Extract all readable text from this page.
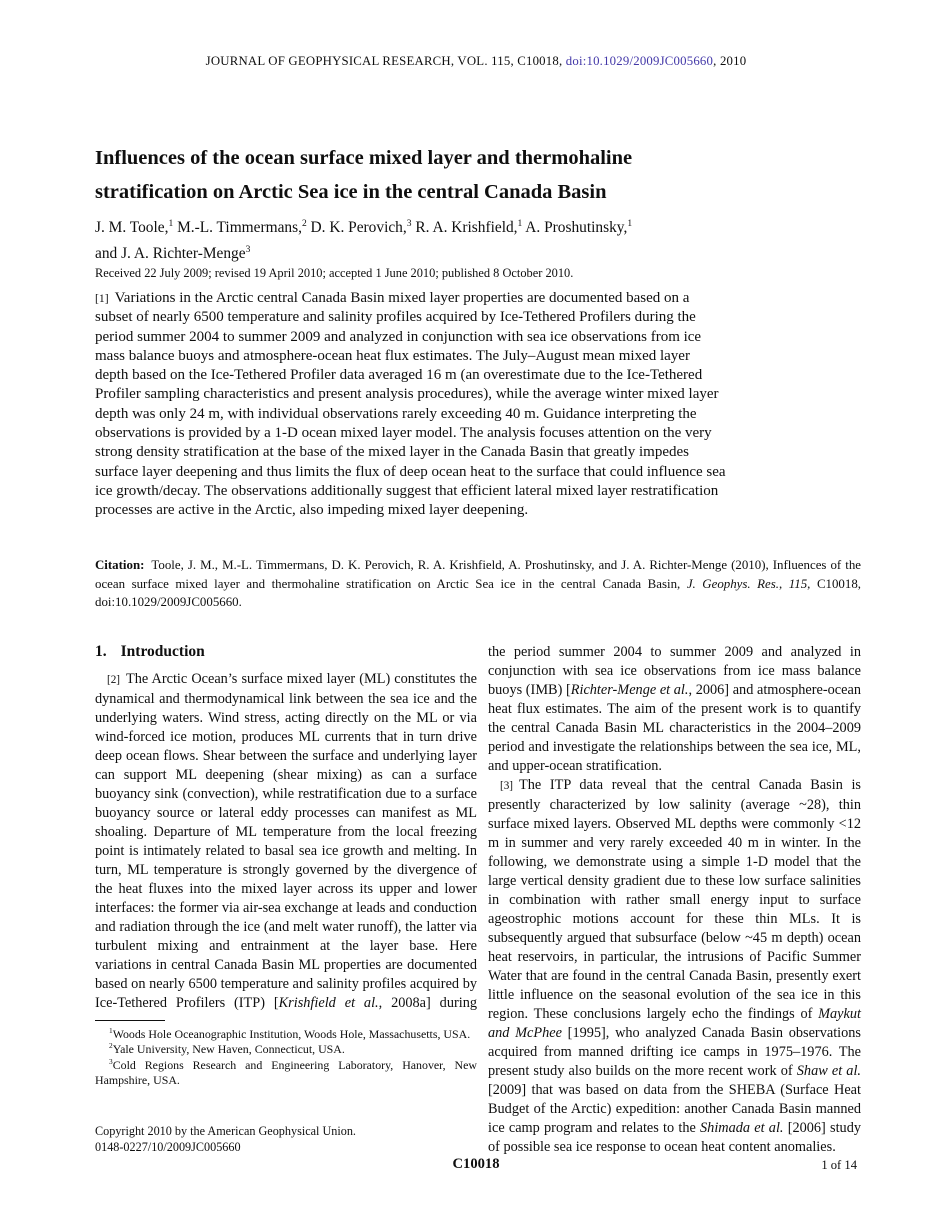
JOURNAL OF GEOPHYSICAL RESEARCH, VOL. 115, C10018, doi:10.1029/2009JC005660, 2010
Influences of the ocean surface mixed layer and thermohaline
stratification on Arctic Sea ice in the central Canada Basin
J. M. Toole,$^1$ M.-L. Timmermans,$^2$ D. K. Perovich,$^3$ R. A. Krishfield,$^1$ A. Proshutinsky,$^1$
and J. A. Richter-Menge$^3$
Received 22 July 2009; revised 19 April 2010; accepted 1 June 2010; published 8 October 2010.
[1] Variations in the Arctic central Canada Basin mixed layer properties are documented based on a subset of nearly 6500 temperature and salinity profiles acquired by Ice-Tethered Profilers during the period summer 2004 to summer 2009 and analyzed in conjunction with sea ice observations from ice mass balance buoys and atmosphere-ocean heat flux estimates. The July–August mean mixed layer depth based on the Ice-Tethered Profiler data averaged 16 m (an overestimate due to the Ice-Tethered Profiler sampling characteristics and present analysis procedures), while the average winter mixed layer depth was only 24 m, with individual observations rarely exceeding 40 m. Guidance interpreting the observations is provided by a 1-D ocean mixed layer model. The analysis focuses attention on the very strong density stratification at the base of the mixed layer in the Canada Basin that greatly impedes surface layer deepening and thus limits the flux of deep ocean heat to the surface that could influence sea ice growth/decay. The observations additionally suggest that efficient lateral mixed layer restratification processes are active in the Arctic, also impeding mixed layer deepening.
Citation: Toole, J. M., M.-L. Timmermans, D. K. Perovich, R. A. Krishfield, A. Proshutinsky, and J. A. Richter-Menge (2010), Influences of the ocean surface mixed layer and thermohaline stratification on Arctic Sea ice in the central Canada Basin, J. Geophys. Res., 115, C10018, doi:10.1029/2009JC005660.

1. Introduction

[2] The Arctic Ocean’s surface mixed layer (ML) constitutes the dynamical and thermodynamical link between the sea ice and the underlying waters. Wind stress, acting directly on the ML or via wind-forced ice motion, produces ML currents that in turn drive deep ocean flows. Shear between the surface and underlying layer can support ML deepening (shear mixing) as can a surface buoyancy sink (convection), while restratification due to a surface buoyancy source or lateral eddy processes can manifest as ML shoaling. Departure of ML temperature from the local freezing point is intimately related to basal sea ice growth and melting. In turn, ML temperature is strongly governed by the divergence of the heat fluxes into the mixed layer across its upper and lower interfaces: the former via air-sea exchange at leads and conduction and radiation through the ice (and melt water runoff), the latter via turbulent mixing and entrainment at the layer base. Here variations in central Canada Basin ML properties are documented based on nearly 6500 temperature and salinity profiles acquired by Ice-Tethered Profilers (ITP) [Krishfield et al., 2008a] during

the period summer 2004 to summer 2009 and analyzed in conjunction with sea ice observations from ice mass balance buoys (IMB) [Richter-Menge et al., 2006] and atmosphere-ocean heat flux estimates. The aim of the present work is to quantify the central Canada Basin ML characteristics in the 2004–2009 period and investigate the relationships between the sea ice, ML, and upper-ocean stratification.

[3] The ITP data reveal that the central Canada Basin is presently characterized by low salinity (average ~28), thin surface mixed layers. Observed ML depths were commonly <12 m in summer and very rarely exceeded 40 m in winter. In the following, we demonstrate using a simple 1-D model that the large vertical density gradient due to these low surface salinities in combination with rather small energy input to surface ageostrophic motions account for these thin MLs. It is subsequently argued that subsurface (below ~45 m depth) ocean heat reservoirs, in particular, the intrusions of Pacific Summer Water that are found in the central Canada Basin, presently exert little influence on the seasonal evolution of the sea ice in this region. These conclusions largely echo the findings of Maykut and McPhee [1995], who analyzed Canada Basin observations acquired from manned drifting ice camps in 1975–1976. The present study also builds on the more recent work of Shaw et al. [2009] that was based on data from the SHEBA (Surface Heat Budget of the Arctic) expedition: another Canada Basin manned ice camp program and relates to the Shimada et al. [2006] study of possible sea ice response to ocean heat content anomalies.

$^1$Woods Hole Oceanographic Institution, Woods Hole, Massachusetts, USA.

$^2$Yale University, New Haven, Connecticut, USA.

$^3$Cold Regions Research and Engineering Laboratory, Hanover, New Hampshire, USA.

Copyright 2010 by the American Geophysical Union.
0148-0227/10/2009JC005660
C10018	1 of 14
